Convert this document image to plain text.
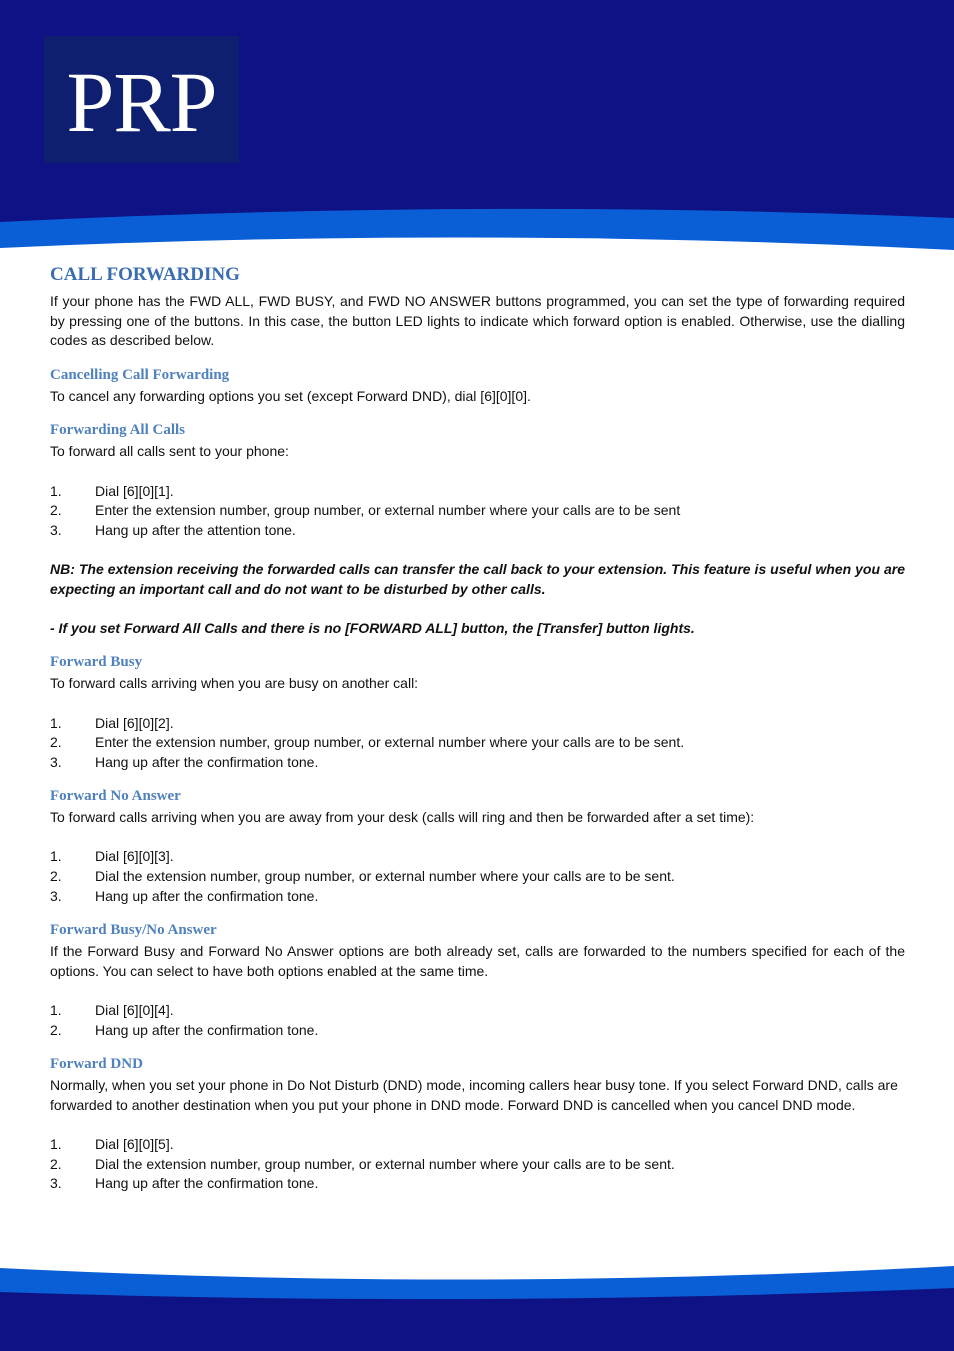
PRP
CALL FORWARDING

If your phone has the FWD ALL, FWD BUSY, and FWD NO ANSWER buttons programmed, you can set the type of forwarding required by pressing one of the buttons. In this case, the button LED lights to indicate which forward option is enabled. Otherwise, use the dialling codes as described below.

Cancelling Call Forwarding

To cancel any forwarding options you set (except Forward DND), dial [6][0][0].

Forwarding All Calls

To forward all calls sent to your phone:

1.	Dial [6][0][1].
2.	Enter the extension number, group number, or external number where your calls are to be sent
3.	Hang up after the attention tone.

NB: The extension receiving the forwarded calls can transfer the call back to your extension. This feature is useful when you are expecting an important call and do not want to be disturbed by other calls.

- If you set Forward All Calls and there is no [FORWARD ALL] button, the [Transfer] button lights.

Forward Busy

To forward calls arriving when you are busy on another call:

1.	Dial [6][0][2].
2.	Enter the extension number, group number, or external number where your calls are to be sent.
3.	Hang up after the confirmation tone.
Forward No Answer

To forward calls arriving when you are away from your desk (calls will ring and then be forwarded after a set time):

1.	Dial [6][0][3].
2.	Dial the extension number, group number, or external number where your calls are to be sent.
3.	Hang up after the confirmation tone.
Forward Busy/No Answer

If the Forward Busy and Forward No Answer options are both already set, calls are forwarded to the numbers specified for each of the options. You can select to have both options enabled at the same time.

1.	Dial [6][0][4].
2.	Hang up after the confirmation tone.
Forward DND

Normally, when you set your phone in Do Not Disturb (DND) mode, incoming callers hear busy tone. If you select Forward DND, calls are forwarded to another destination when you put your phone in DND mode. Forward DND is cancelled when you cancel DND mode.

1.	Dial [6][0][5].
2.	Dial the extension number, group number, or external number where your calls are to be sent.
3.	Hang up after the confirmation tone.
